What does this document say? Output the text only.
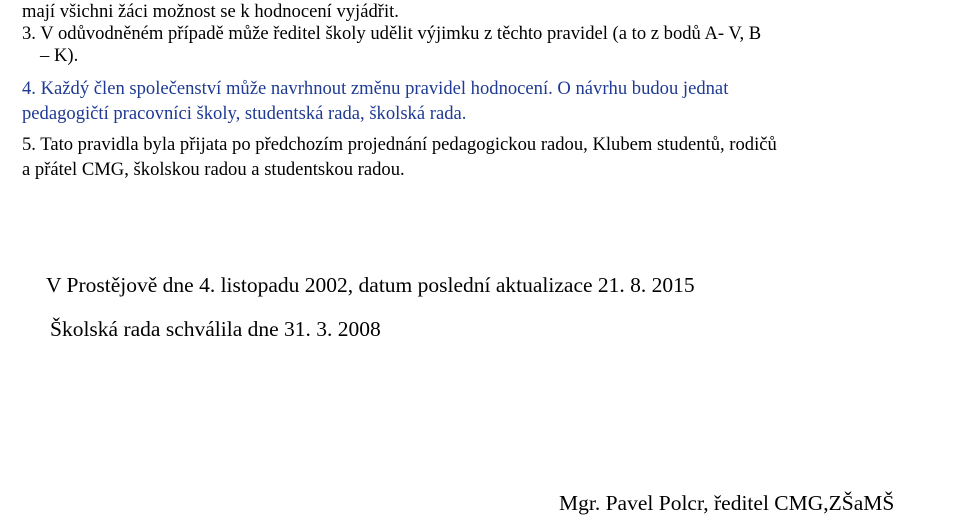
mají všichni žáci možnost se k hodnocení vyjádřit.
3. V odůvodněném případě může ředitel školy udělit výjimku z těchto pravidel (a to z bodů A- V, B
– K).
4. Každý člen společenství může navrhnout změnu pravidel hodnocení. O návrhu budou jednat
pedagogičtí pracovníci školy, studentská rada, školská rada.
5. Tato pravidla byla přijata po předchozím projednání pedagogickou radou, Klubem studentů, rodičů
a přátel CMG, školskou radou a studentskou radou.
V Prostějově dne 4. listopadu 2002, datum poslední aktualizace 21. 8. 2015
Školská rada schválila dne 31. 3. 2008
Mgr. Pavel Polcr, ředitel CMG,ZŠaMŠ
